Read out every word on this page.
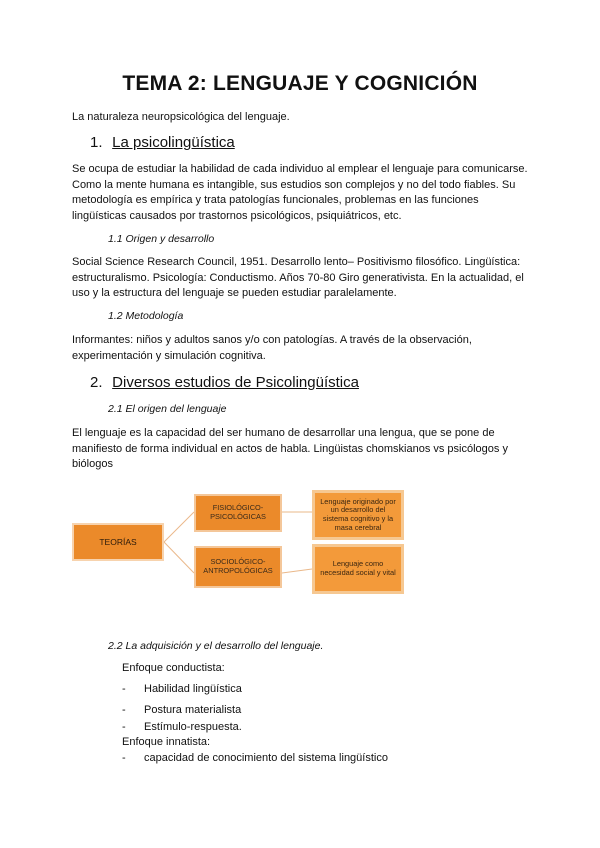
TEMA 2: LENGUAJE Y COGNICIÓN
La naturaleza neuropsicológica del lenguaje.
1. La psicolingüística
Se ocupa de estudiar la habilidad de cada individuo al emplear el lenguaje para comunicarse. Como la mente humana es intangible, sus estudios son complejos y no del todo fiables. Su metodología es empírica y trata patologías funcionales, problemas en las funciones lingüísticas causados por trastornos psicológicos, psiquiátricos, etc.
1.1 Origen y desarrollo
Social Science Research Council, 1951. Desarrollo lento– Positivismo filosófico. Lingüística: estructuralismo. Psicología: Conductismo. Años 70-80 Giro generativista. En la actualidad, el uso y la estructura del lenguaje se pueden estudiar paralelamente.
1.2 Metodología
Informantes: niños y adultos sanos y/o con patologías. A través de la observación, experimentación y simulación cognitiva.
2. Diversos estudios de Psicolingüística
2.1 El origen del lenguaje
El lenguaje es la capacidad del ser humano de desarrollar una lengua, que se pone de manifiesto de forma individual en actos de habla. Lingüistas chomskianos vs psicólogos y biólogos
TEORÍAS
FISIOLÓGICO-
PSICOLÓGICAS
SOCIOLÓGICO-
ANTROPOLÓGICAS
Lenguaje originado por un desarrollo del sistema cognitivo y la masa cerebral
Lenguaje como necesidad social y vital
2.2 La adquisición y el desarrollo del lenguaje.
Enfoque conductista:
- Habilidad lingüística
- Postura materialista
- Estímulo-respuesta.
Enfoque innatista:
- capacidad de conocimiento del sistema lingüístico
